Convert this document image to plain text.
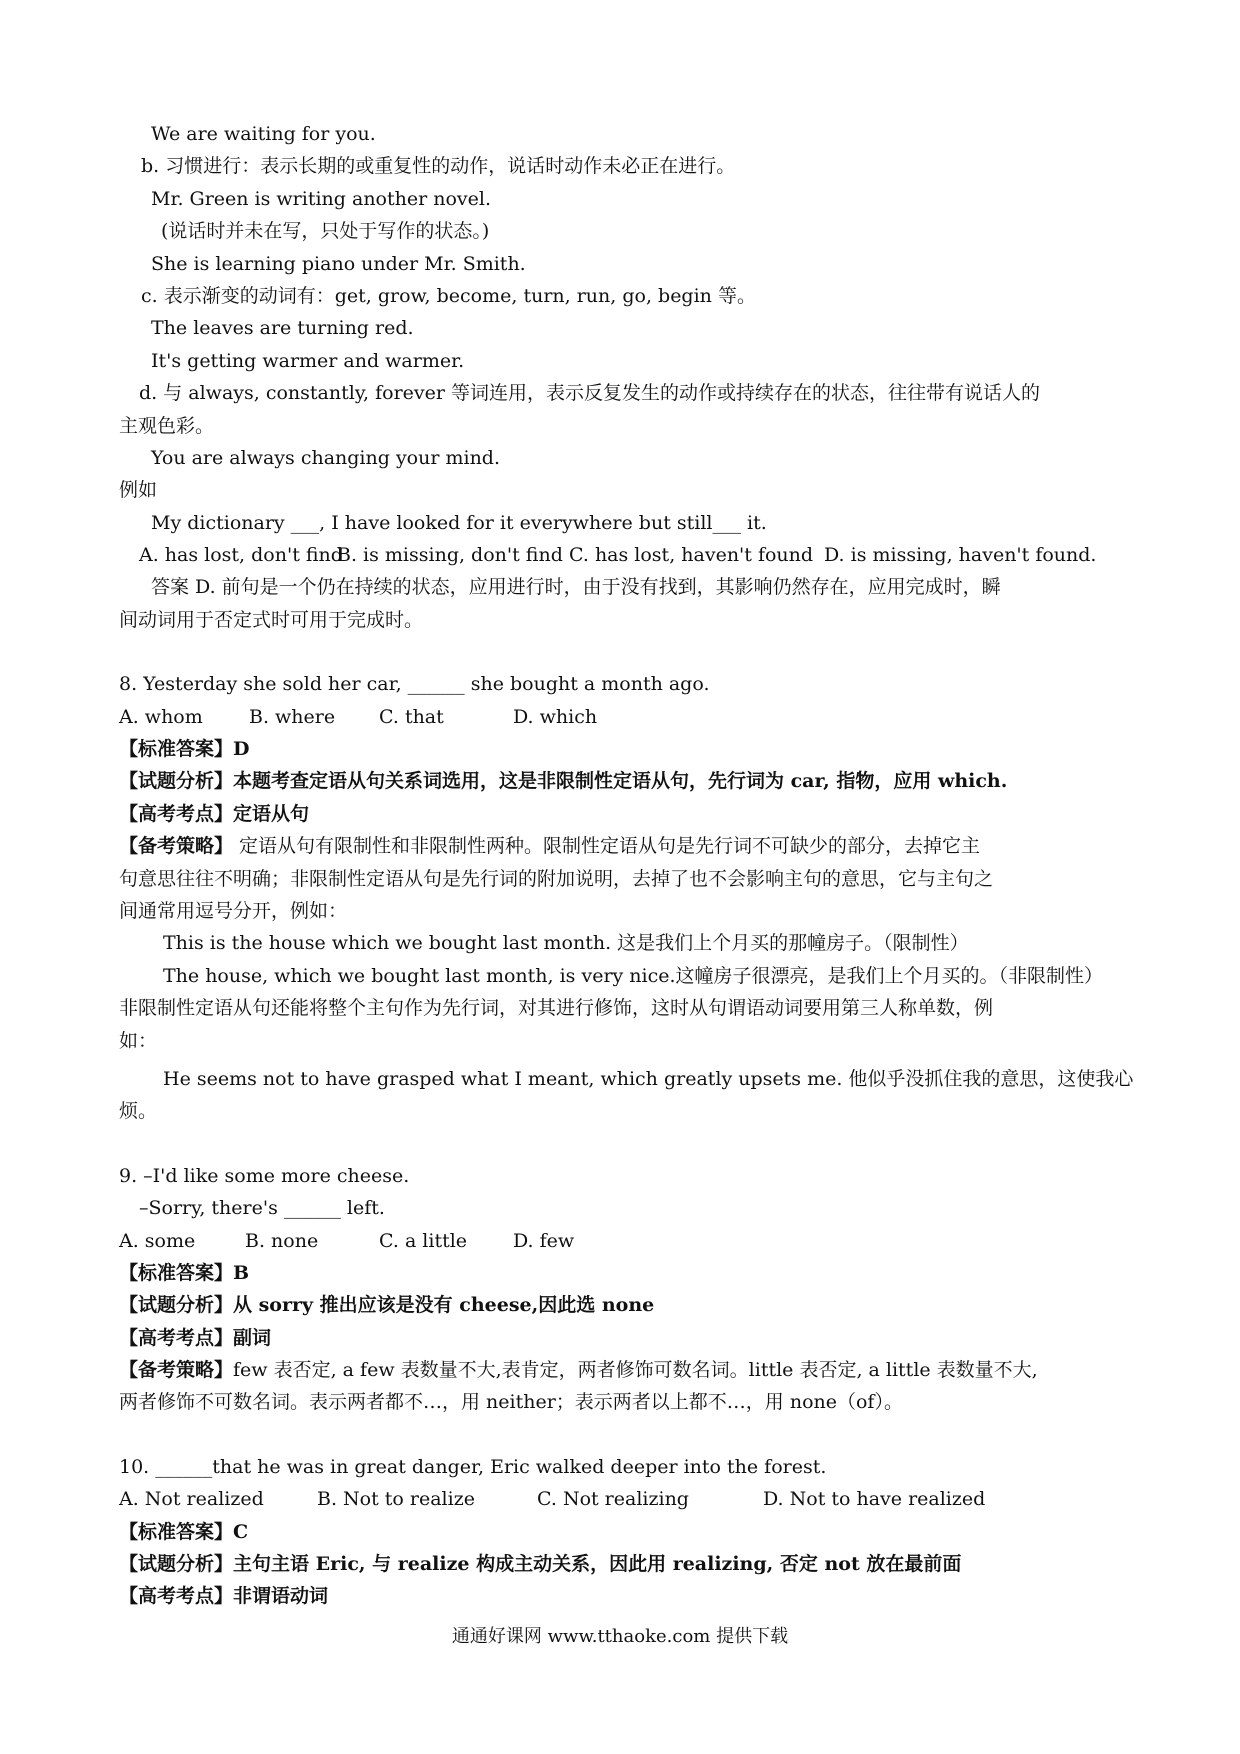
We are waiting for you.
b. 习惯进行：表示长期的或重复性的动作，说话时动作未必正在进行。
Mr. Green is writing another novel.
(说话时并未在写，只处于写作的状态。)
She is learning piano under Mr. Smith.
c. 表示渐变的动词有：get, grow, become, turn, run, go, begin 等。
The leaves are turning red.
It's getting warmer and warmer.
d. 与 always, constantly, forever 等词连用，表示反复发生的动作或持续存在的状态，往往带有说话人的
主观色彩。
You are always changing your mind.
例如
My dictionary ___, I have looked for it everywhere but still___ it.
A. has lost, don't find
B. is missing, don't find C. has lost, haven't found D. is missing, haven't found.
答案 D. 前句是一个仍在持续的状态，应用进行时，由于没有找到，其影响仍然存在，应用完成时，瞬
间动词用于否定式时可用于完成时。
8. Yesterday she sold her car, ______ she bought a month ago.
A. whom	B. where	C. that	D. which
【标准答案】D
【试题分析】本题考查定语从句关系词选用，这是非限制性定语从句，先行词为 car, 指物，应用 which.
【高考考点】定语从句
【备考策略】 定语从句有限制性和非限制性两种。限制性定语从句是先行词不可缺少的部分，去掉它主
句意思往往不明确；非限制性定语从句是先行词的附加说明，去掉了也不会影响主句的意思，它与主句之
间通常用逗号分开，例如：
This is the house which we bought last month. 这是我们上个月买的那幢房子。（限制性）
The house, which we bought last month, is very nice.这幢房子很漂亮，是我们上个月买的。（非限制性）
非限制性定语从句还能将整个主句作为先行词，对其进行修饰，这时从句谓语动词要用第三人称单数，例
如：
He seems not to have grasped what I meant, which greatly upsets me. 他似乎没抓住我的意思，这使我心
烦。
9. –I'd like some more cheese.
–Sorry, there's ______ left.
A. some	B. none	C. a little	D. few
【标准答案】B
【试题分析】从 sorry 推出应该是没有 cheese,因此选 none
【高考考点】副词
【备考策略】few 表否定, a few 表数量不大,表肯定，两者修饰可数名词。little 表否定, a little 表数量不大,
两者修饰不可数名词。表示两者都不…，用 neither；表示两者以上都不…，用 none（of）。
10. ______that he was in great danger, Eric walked deeper into the forest.
A. Not realized	B. Not to realize	C. Not realizing	D. Not to have realized
【标准答案】C
【试题分析】主句主语 Eric, 与 realize 构成主动关系，因此用 realizing, 否定 not 放在最前面
【高考考点】非谓语动词
通通好课网 www.tthaoke.com 提供下载
